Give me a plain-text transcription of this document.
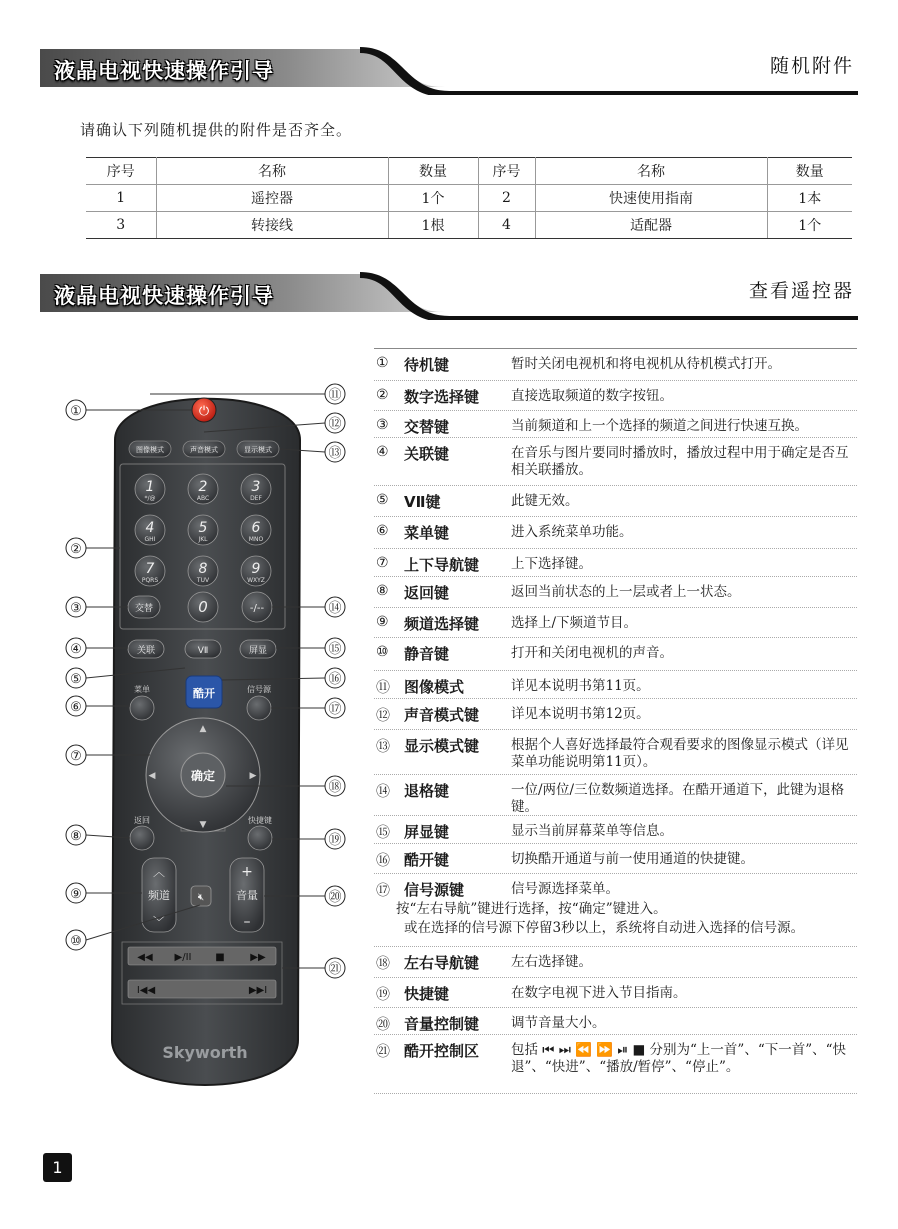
液晶电视快速操作引导	随机附件
请确认下列随机提供的附件是否齐全。
序号	名称	数量	序号	名称	数量
1	遥控器	1个	2	快速使用指南	1本
3	转接线	1根	4	适配器	1个
液晶电视快速操作引导	查看遥控器
⏻
图像模式	声音模式	显示模式
1
*/@
2
ABC
3
DEF
4
GHI
5
JKL
6
MNO
7
PQRS
8
TUV
9
WXYZ
交替	0	-/--
关联	VⅡ	屏显
菜单	酷开	信号源
确定
▲
▼
◀	▶
返回	快捷键
︿
频道
﹀
🔇︎
+
音量
–
◀◀ ▶/II ■	▶▶
I◀◀	▶▶I
Skyworth
①
②
③
④
⑤
⑥
⑦
⑧
⑨
⑩
⑪
⑫
⑬
⑭
⑮
⑯
⑰
⑱
⑲
⑳
㉑
① 待机键	暂时关闭电视机和将电视机从待机模式打开。
② 数字选择键 直接选取频道的数字按钮。
③ 交替键	当前频道和上一个选择的频道之间进行快速互换。
④ 关联键	在音乐与图片要同时播放时，播放过程中用于确定是否互相关联播放。
⑤ VⅡ键	此键无效。
⑥ 菜单键	进入系统菜单功能。
⑦ 上下导航键 上下选择键。
⑧ 返回键	返回当前状态的上一层或者上一状态。
⑨ 频道选择键 选择上/下频道节目。
⑩ 静音键	打开和关闭电视机的声音。
⑪ 图像模式	详见本说明书第11页。
⑫ 声音模式键 详见本说明书第12页。
⑬ 显示模式键 根据个人喜好选择最符合观看要求的图像显示模式（详见菜单功能说明第11页）。
⑭ 退格键	一位/两位/三位数频道选择。在酷开通道下，此键为退格键。
⑮ 屏显键	显示当前屏幕菜单等信息。
⑯ 酷开键	切换酷开通道与前一使用通道的快捷键。
⑰ 信号源键	信号源选择菜单。
按“左右导航”键进行选择，按“确定”键进入。
或在选择的信号源下停留3秒以上，系统将自动进入选择的信号源。
⑱ 左右导航键 左右选择键。
⑲ 快捷键	在数字电视下进入节目指南。
⑳ 音量控制键 调节音量大小。
㉑ 酷开控制区 包括 ⏮ ⏭ ⏪ ⏩ ⏯ ■ 分别为“上一首”、“下一首”、“快退”、“快进”、“播放/暂停”、“停止”。
1
